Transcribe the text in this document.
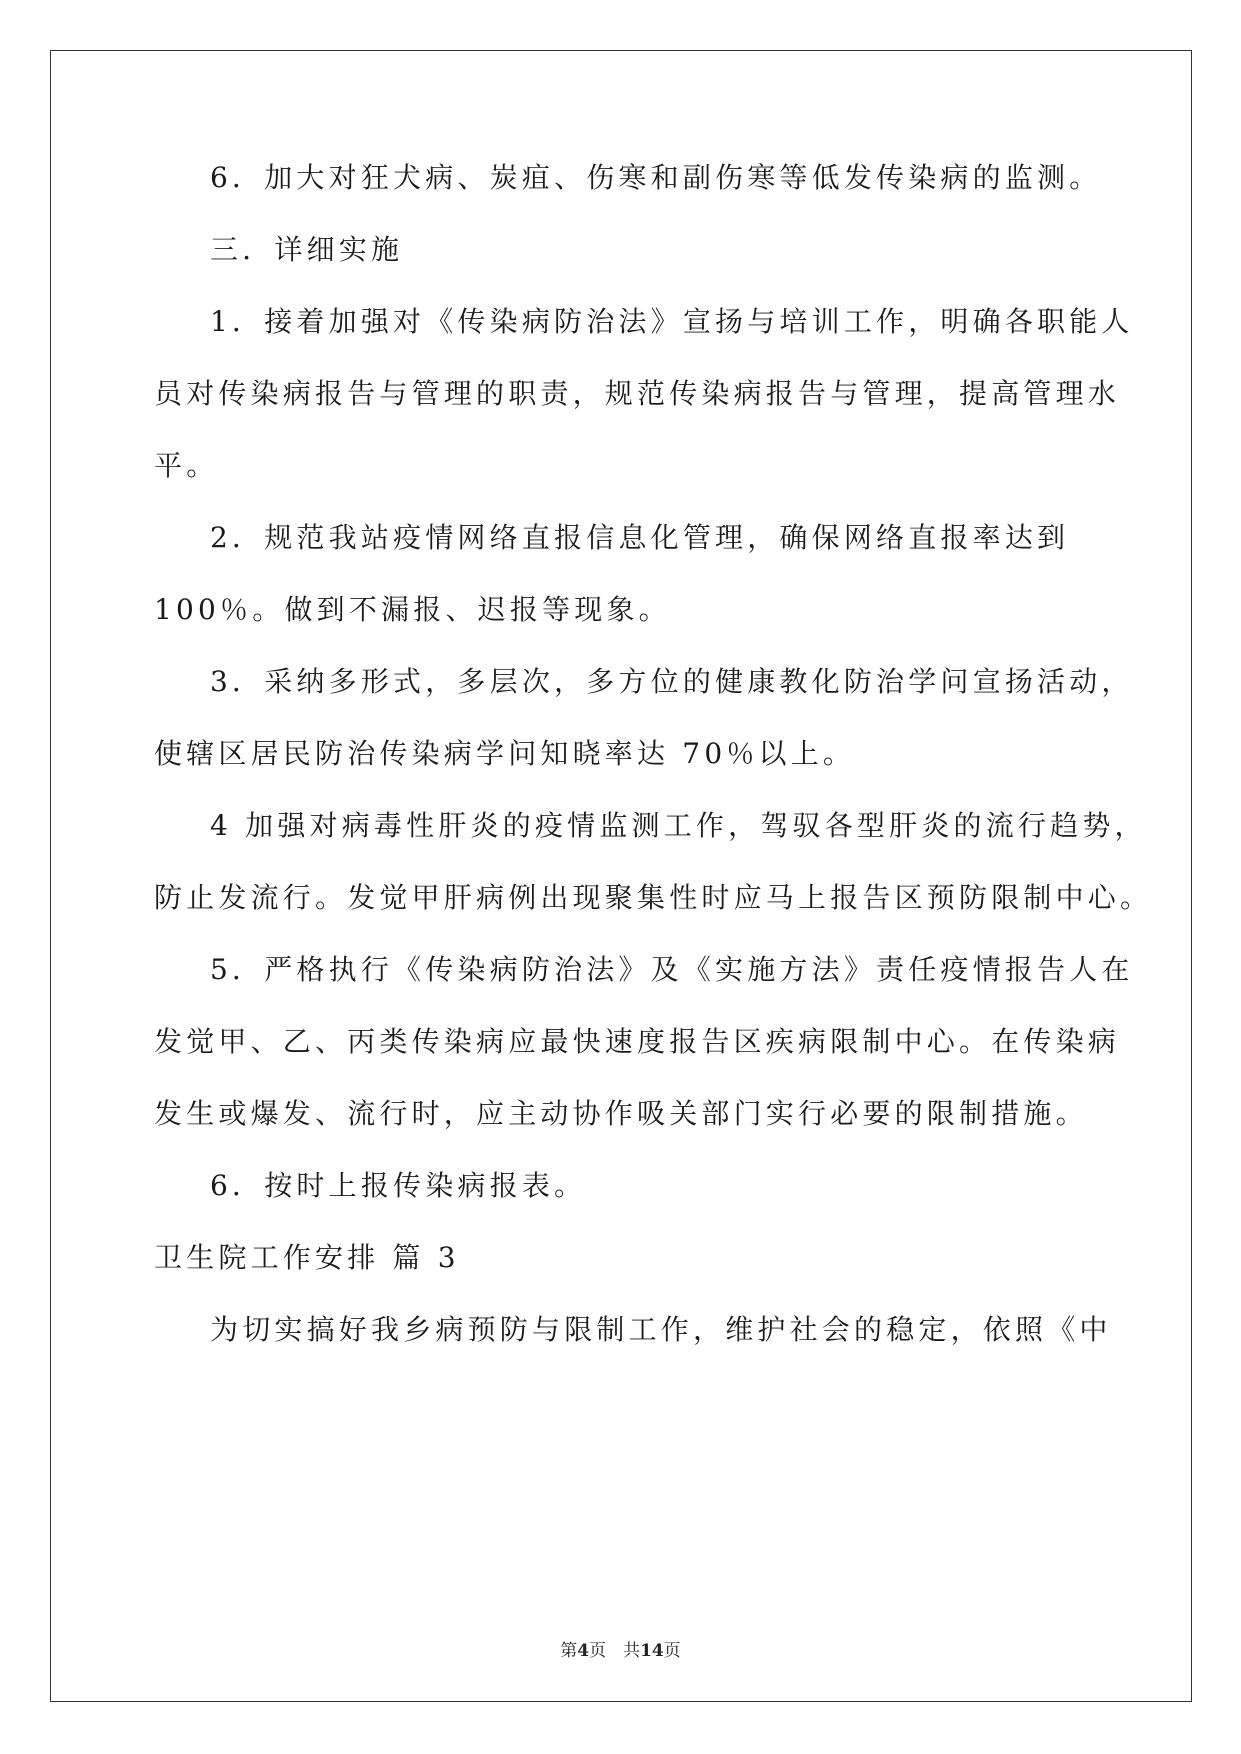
6．加大对狂犬病、炭疽、伤寒和副伤寒等低发传染病的监测。

三．详细实施

1．接着加强对《传染病防治法》宣扬与培训工作，明确各职能人

员对传染病报告与管理的职责，规范传染病报告与管理，提高管理水

平。

2．规范我站疫情网络直报信息化管理，确保网络直报率达到

100％。做到不漏报、迟报等现象。

3．采纳多形式，多层次，多方位的健康教化防治学问宣扬活动，

使辖区居民防治传染病学问知晓率达 70％以上。

4 加强对病毒性肝炎的疫情监测工作，驾驭各型肝炎的流行趋势，

防止发流行。发觉甲肝病例出现聚集性时应马上报告区预防限制中心。

5．严格执行《传染病防治法》及《实施方法》责任疫情报告人在

发觉甲、乙、丙类传染病应最快速度报告区疾病限制中心。在传染病

发生或爆发、流行时，应主动协作吸关部门实行必要的限制措施。

6．按时上报传染病报表。

卫生院工作安排 篇 3

为切实搞好我乡病预防与限制工作，维护社会的稳定，依照《中

第4页　共14页
